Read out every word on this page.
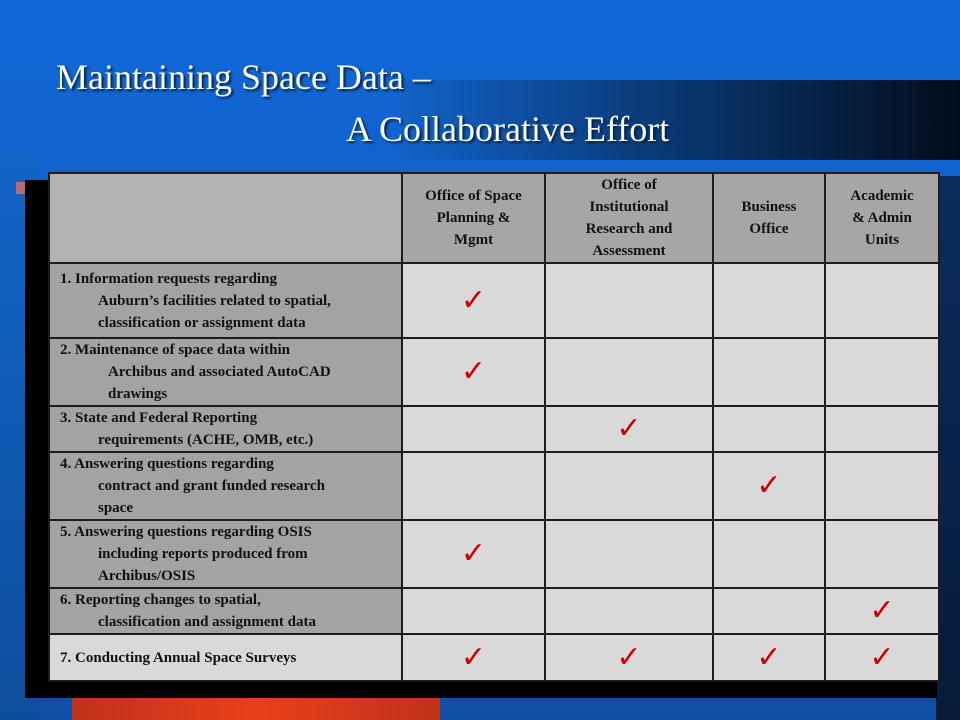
Maintaining Space Data –
A Collaborative Effort
	Office of Space
Planning &
Mgmt	Office of
Institutional
Research and
Assessment	Business
Office	Academic
& Admin
Units

1. Information requests regarding
Auburn’s facilities related to spatial,
classification or assignment data	✓			

2. Maintenance of space data within
Archibus and associated AutoCAD
drawings	✓			

3. State and Federal Reporting
requirements (ACHE, OMB, etc.)		✓		

4. Answering questions regarding
contract and grant funded research
space			✓	

5. Answering questions regarding OSIS
including reports produced from
Archibus/OSIS	✓			

6. Reporting changes to spatial,
classification and assignment data				✓

7. Conducting Annual Space Surveys	✓	✓	✓	✓
